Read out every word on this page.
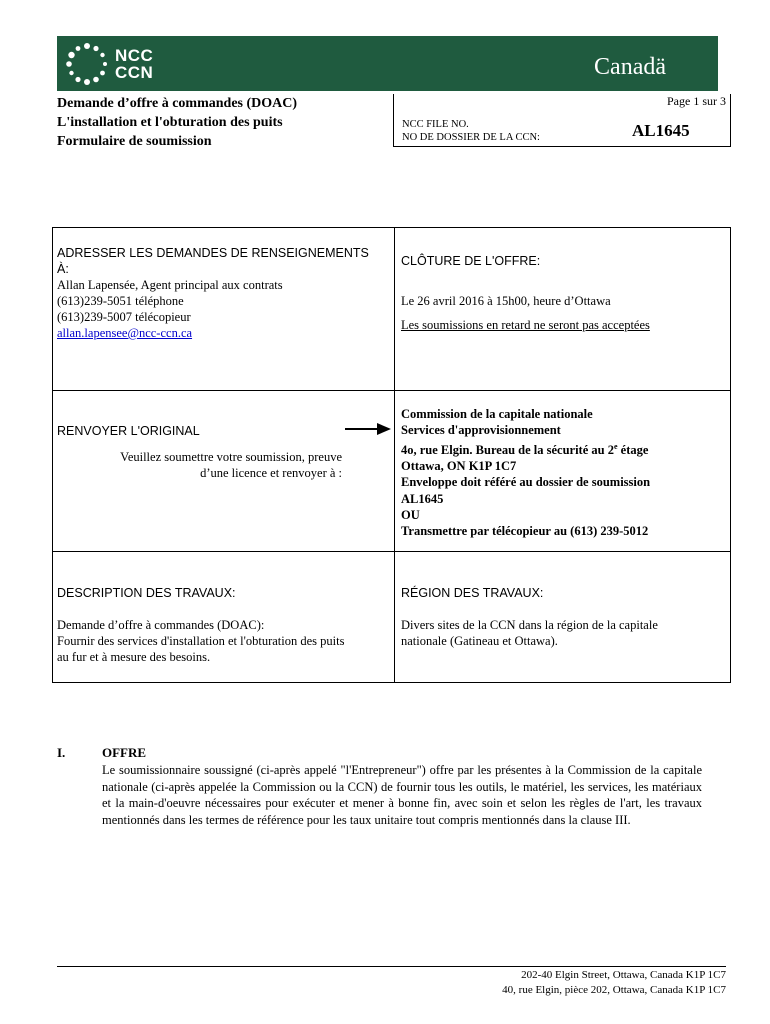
NCC
CCN	Canadä
Demande d’offre à commandes (DOAC)
L'installation et l'obturation des puits
Formulaire de soumission
Page 1 sur 3
NCC FILE NO.
NO DE DOSSIER DE LA CCN:	AL1645
ADRESSER LES DEMANDES DE RENSEIGNEMENTS
À:
Allan Lapensée, Agent principal aux contrats
(613)239-5051 téléphone
(613)239-5007 télécopieur
allan.lapensee@ncc-ccn.ca
CLÔTURE DE L'OFFRE:
Le 26 avril 2016 à 15h00, heure d’Ottawa
Les soumissions en retard ne seront pas acceptées
RENVOYER L'ORIGINAL
Veuillez soumettre votre soumission, preuve
d’une licence et renvoyer à :
Commission de la capitale nationale
Services d'approvisionnement
4o, rue Elgin. Bureau de la sécurité au 2e étage
Ottawa, ON K1P 1C7
Enveloppe doit référé au dossier de soumission
AL1645
OU
Transmettre par télécopieur au (613) 239-5012
DESCRIPTION DES TRAVAUX:
Demande d’offre à commandes (DOAC):
Fournir des services d'installation et l'obturation des puits
au fur et à mesure des besoins.
RÉGION DES TRAVAUX:
Divers sites de la CCN dans la région de la capitale
nationale (Gatineau et Ottawa).
I.	OFFRE
Le soumissionnaire soussigné (ci-après appelé "l'Entrepreneur") offre par les présentes à la Commission de la capitale nationale (ci-après appelée la Commission ou la CCN) de fournir tous les outils, le matériel, les services, les matériaux et la main-d'oeuvre nécessaires pour exécuter et mener à bonne fin, avec soin et selon les règles de l'art, les travaux mentionnés dans les termes de référence pour les taux unitaire tout compris mentionnés dans la clause III.
202-40 Elgin Street, Ottawa, Canada K1P 1C7
40, rue Elgin, pièce 202, Ottawa, Canada K1P 1C7
